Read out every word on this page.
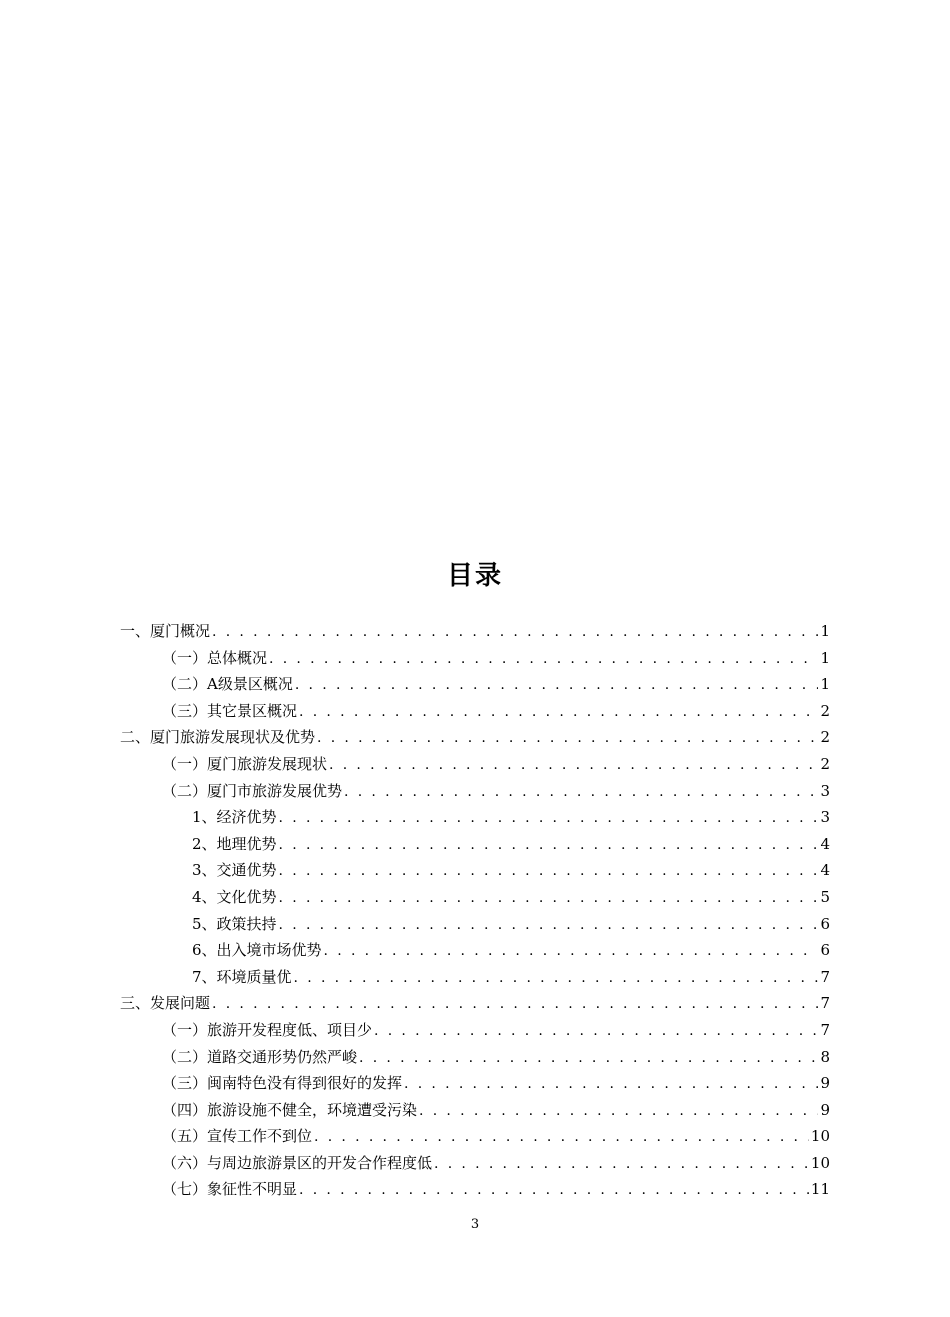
目录
一、厦门概况 . . .	1
（一）总体概况 . . .	1
（二）A级景区概况 . . .	1
（三）其它景区概况 . . .	2
二、厦门旅游发展现状及优势 . . .	2
（一）厦门旅游发展现状 . . .	2
（二）厦门市旅游发展优势 . . .	3
1、经济优势 . . .	3
2、地理优势 . . .	4
3、交通优势 . . .	4
4、文化优势 . . .	5
5、政策扶持 . . .	6
6、出入境市场优势 . . .	6
7、环境质量优 . . .	7
三、发展问题 . . .	7
（一）旅游开发程度低、项目少 . . .	7
（二）道路交通形势仍然严峻 . . .	8
（三）闽南特色没有得到很好的发挥 . . .	9
（四）旅游设施不健全，环境遭受污染 . . .	9
（五）宣传工作不到位 . . .	10
（六）与周边旅游景区的开发合作程度低 . . .	10
（七）象征性不明显 . . .	11
3
